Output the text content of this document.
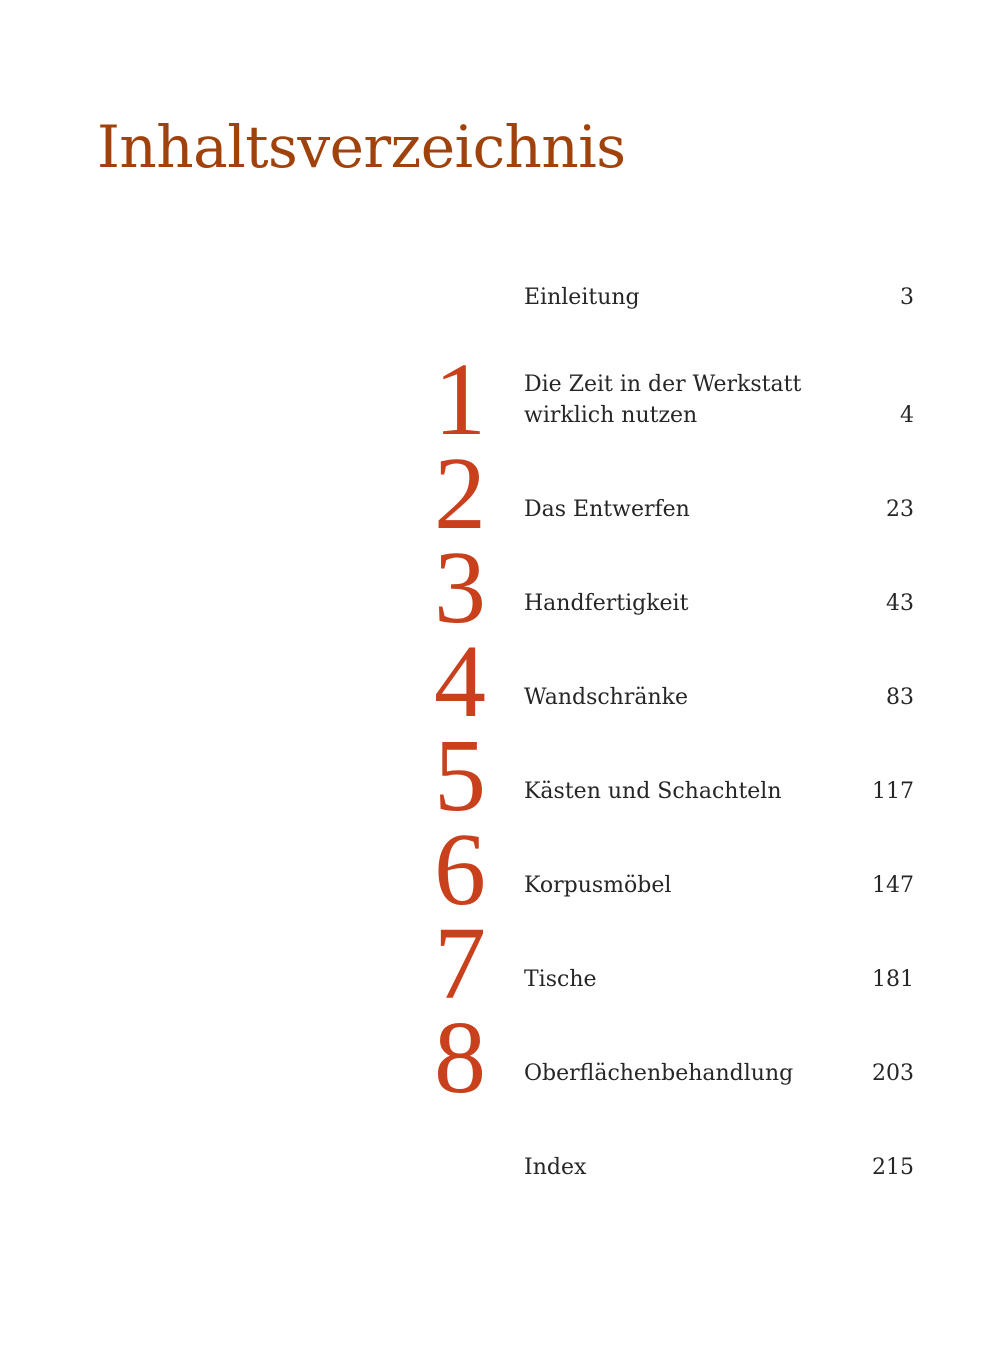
Inhaltsverzeichnis
Einleitung	3
1	Die Zeit in der Werkstatt
wirklich nutzen	4
2	Das Entwerfen	23
3	Handfertigkeit	43
4	Wandschränke	83
5	Kästen und Schachteln	117
6	Korpusmöbel	147
7	Tische	181
8	Oberflächenbehandlung	203
Index	215
